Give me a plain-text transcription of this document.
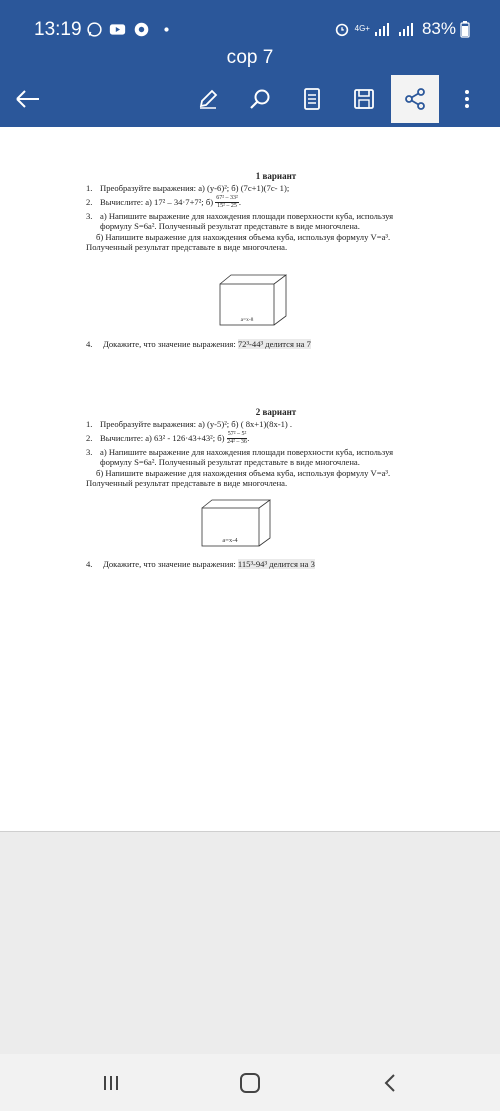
13:19	4G+	83%
сор 7
1 вариант
1. Преобразуйте выражения: а) (y-6)²; б) (7c+1)(7c- 1);
2. Вычислите: а) 17² – 34·7+7²; $б) \frac{\text{67² – 33²}}{\text{15² – 25}}$ .
3. а) Напишите выражение для нахождения площади поверхности куба, используя
формулу S=6a². Полученный результат представьте в виде многочлена.
б) Напишите выражение для нахождения объема куба, используя формулу V=a³.
Полученный результат представьте в виде многочлена.
a=x-8
4. Докажите, что значение выражения: 72³-44³ делится на 7
2 вариант
1. Преобразуйте выражения: а) (y-5)²; б) ( 8x+1)(8x-1) .
2. Вычислите: а) 63² - 126·43+43²; $б) \frac{\text{57² – 5²}}{\text{24² – 36}}$ .
3. а) Напишите выражение для нахождения площади поверхности куба, используя
формулу S=6a². Полученный результат представьте в виде многочлена.
б) Напишите выражение для нахождения объема куба, используя формулу V=a³.
Полученный результат представьте в виде многочлена.
a=x-4
4. Докажите, что значение выражения: 115³-94³ делится на 3
